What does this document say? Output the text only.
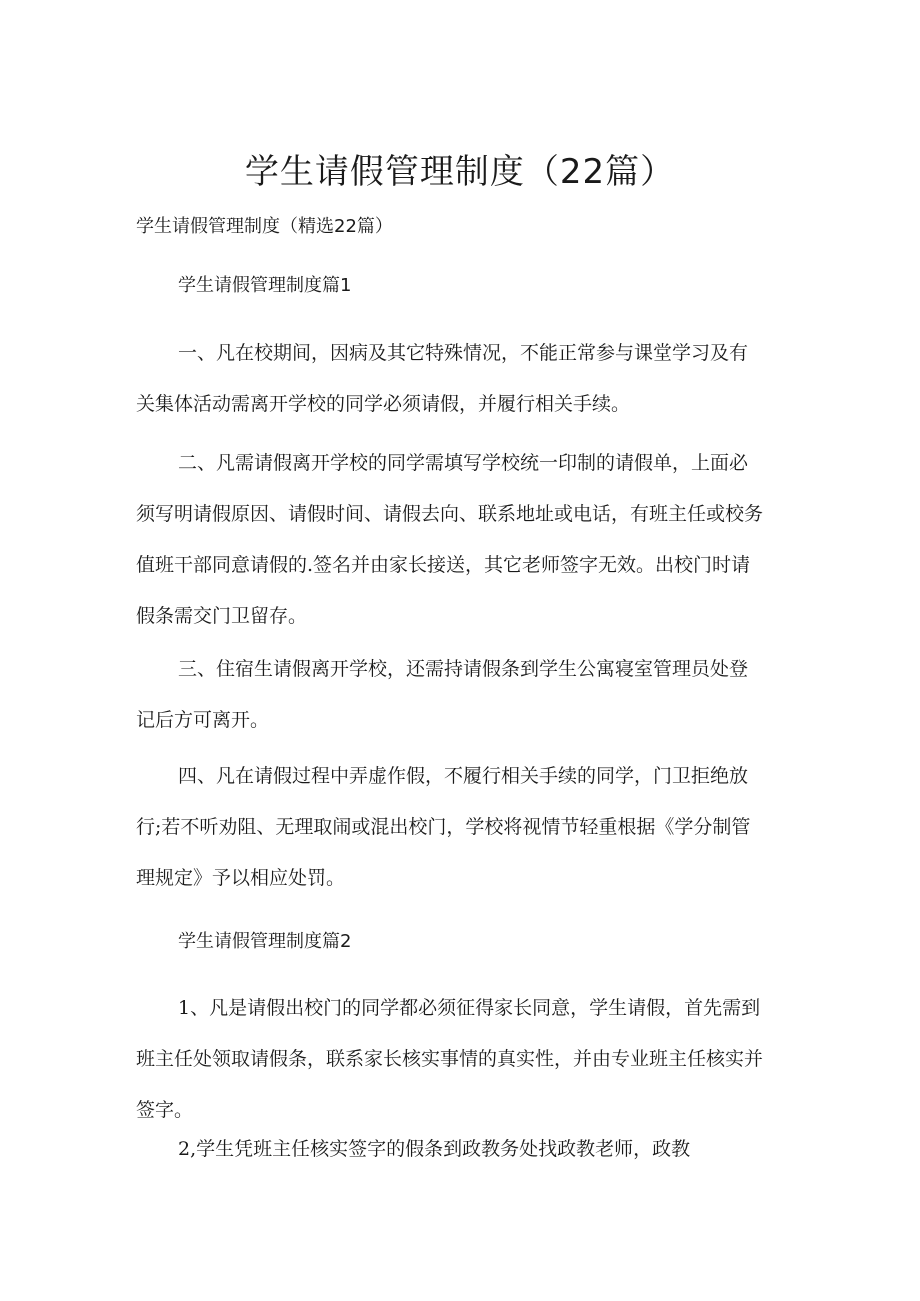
学生请假管理制度（22篇）
学生请假管理制度（精选22篇）
学生请假管理制度篇1
一、凡在校期间，因病及其它特殊情况，不能正常参与课堂学习及有
关集体活动需离开学校的同学必须请假，并履行相关手续。
二、凡需请假离开学校的同学需填写学校统一印制的请假单，上面必
须写明请假原因、请假时间、请假去向、联系地址或电话，有班主任或校务
值班干部同意请假的.签名并由家长接送，其它老师签字无效。出校门时请
假条需交门卫留存。
三、住宿生请假离开学校，还需持请假条到学生公寓寝室管理员处登
记后方可离开。
四、凡在请假过程中弄虚作假，不履行相关手续的同学，门卫拒绝放
行;若不听劝阻、无理取闹或混出校门，学校将视情节轻重根据《学分制管
理规定》予以相应处罚。
学生请假管理制度篇2
1、凡是请假出校门的同学都必须征得家长同意，学生请假，首先需到
班主任处领取请假条，联系家长核实事情的真实性，并由专业班主任核实并
签字。
2,学生凭班主任核实签字的假条到政教务处找政教老师，政教
